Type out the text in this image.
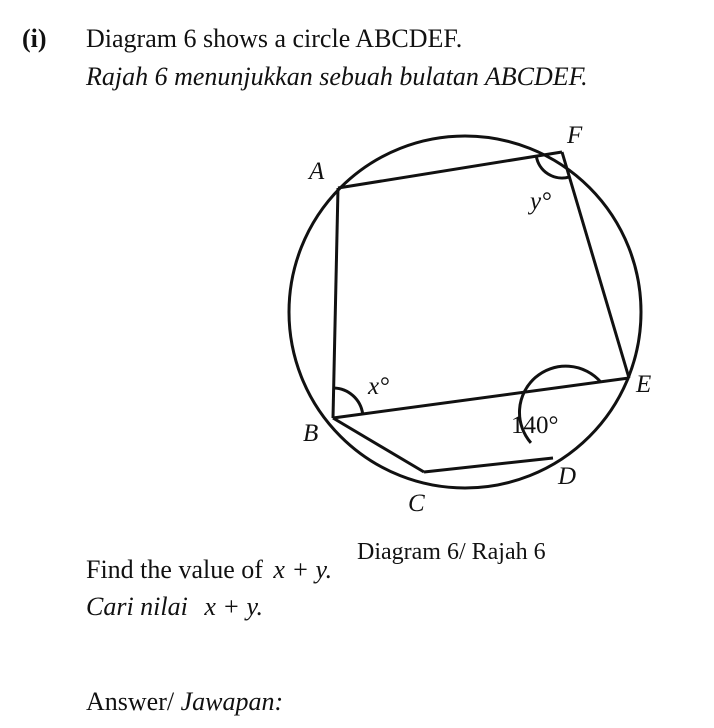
(i) Diagram 6 shows a circle ABCDEF.
Rajah 6 menunjukkan sebuah bulatan ABCDEF.
A
F
E
B
D
C
x°
y°
140°
Diagram 6/ Rajah 6
Find the value of x + y.
Cari nilai x + y.
Answer/ Jawapan:
